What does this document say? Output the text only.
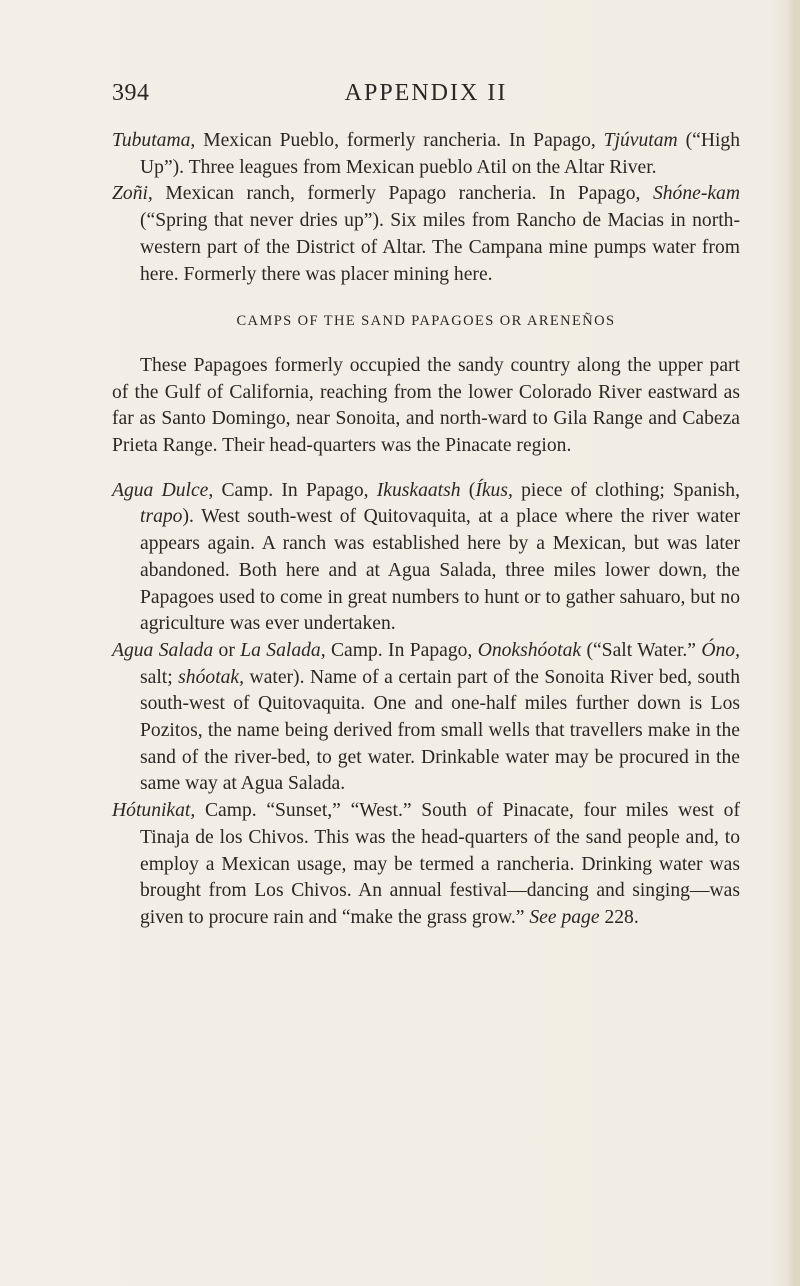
394	APPENDIX II

Tubutama, Mexican Pueblo, formerly rancheria. In Papago, Tjúvutam (“High Up”). Three leagues from Mexican pueblo Atil on the Altar River.

Zoñi, Mexican ranch, formerly Papago rancheria. In Papago, Shóne-kam (“Spring that never dries up”). Six miles from Rancho de Macias in north-western part of the District of Altar. The Campana mine pumps water from here. Formerly there was placer mining here.

CAMPS OF THE SAND PAPAGOES OR ARENEÑOS

These Papagoes formerly occupied the sandy country along the upper part of the Gulf of California, reaching from the lower Colorado River eastward as far as Santo Domingo, near Sonoita, and north-ward to Gila Range and Cabeza Prieta Range. Their head-quarters was the Pinacate region.

Agua Dulce, Camp. In Papago, Ikuskaatsh (Íkus, piece of clothing; Spanish, trapo). West south-west of Quitovaquita, at a place where the river water appears again. A ranch was established here by a Mexican, but was later abandoned. Both here and at Agua Salada, three miles lower down, the Papagoes used to come in great numbers to hunt or to gather sahuaro, but no agriculture was ever undertaken.

Agua Salada or La Salada, Camp. In Papago, Onokshóotak (“Salt Water.” Óno, salt; shóotak, water). Name of a certain part of the Sonoita River bed, south south-west of Quitovaquita. One and one-half miles further down is Los Pozitos, the name being derived from small wells that travellers make in the sand of the river-bed, to get water. Drinkable water may be procured in the same way at Agua Salada.

Hótunikat, Camp. “Sunset,” “West.” South of Pinacate, four miles west of Tinaja de los Chivos. This was the head-quarters of the sand people and, to employ a Mexican usage, may be termed a rancheria. Drinking water was brought from Los Chivos. An annual festival—dancing and singing—was given to procure rain and “make the grass grow.” See page 228.
